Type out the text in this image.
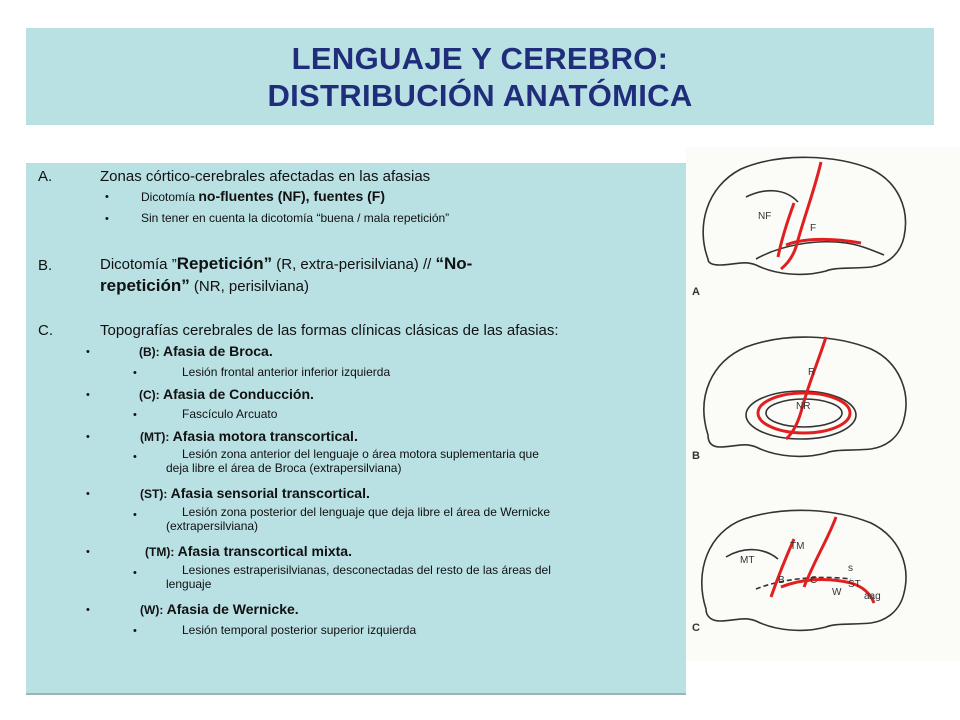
LENGUAJE Y CEREBRO:
DISTRIBUCIÓN ANATÓMICA
A.	Zonas córtico-cerebrales afectadas en las afasias
•	Dicotomía no-fluentes (NF), fuentes (F)
•	Sin tener en cuenta la dicotomía “buena / mala repetición”
B.	Dicotomía ”Repetición” (R, extra-perisilviana) // “No-
repetición” (NR, perisilviana)
C.	Topografías cerebrales de las formas clínicas clásicas de las afasias:
•	(B): Afasia de Broca.
•	Lesión frontal anterior inferior izquierda
•	(C): Afasia de Conducción.
•	Fascículo Arcuato
•	(MT): Afasia motora transcortical.
•	Lesión zona anterior del lenguaje o área motora suplementaria que
deja libre el área de Broca (extrapersilviana)
•	(ST): Afasia sensorial transcortical.
•	Lesión zona posterior del lenguaje que deja libre el área de Wernicke
(extrapersilviana)
•	(TM): Afasia transcortical mixta.
•	Lesiones estraperisilvianas, desconectadas del resto de las áreas del
lenguaje
•	(W): Afasia de Wernicke.
•	Lesión temporal posterior superior izquierda
A
B
C
NF
F
R
NR
MT
TM
B	C
s
ST
W aag
